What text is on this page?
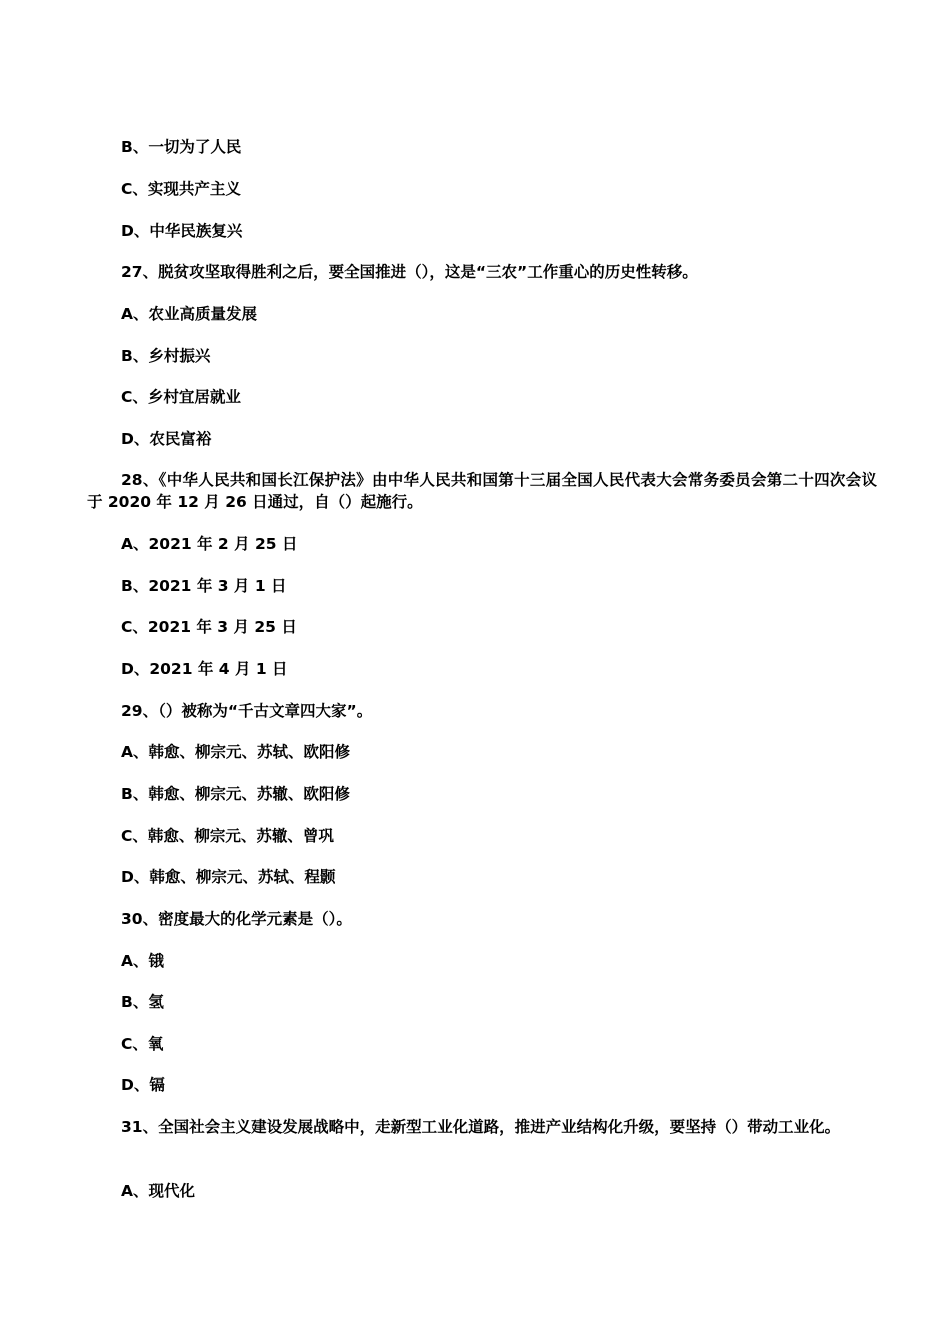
B、一切为了人民
C、实现共产主义
D、中华民族复兴
27、脱贫攻坚取得胜利之后，要全国推进（），这是“三农”工作重心的历史性转移。
A、农业高质量发展
B、乡村振兴
C、乡村宜居就业
D、农民富裕
28、《中华人民共和国长江保护法》由中华人民共和国第十三届全国人民代表大会常务委员会第二十四次会议于 2020 年 12 月 26 日通过，自（）起施行。
A、2021 年 2 月 25 日
B、2021 年 3 月 1 日
C、2021 年 3 月 25 日
D、2021 年 4 月 1 日
29、（）被称为“千古文章四大家”。
A、韩愈、柳宗元、苏轼、欧阳修
B、韩愈、柳宗元、苏辙、欧阳修
C、韩愈、柳宗元、苏辙、曾巩
D、韩愈、柳宗元、苏轼、程颢
30、密度最大的化学元素是（）。
A、锇
B、氢
C、氧
D、镉
31、全国社会主义建设发展战略中，走新型工业化道路，推进产业结构化升级，要坚持（）带动工业化。
A、现代化
